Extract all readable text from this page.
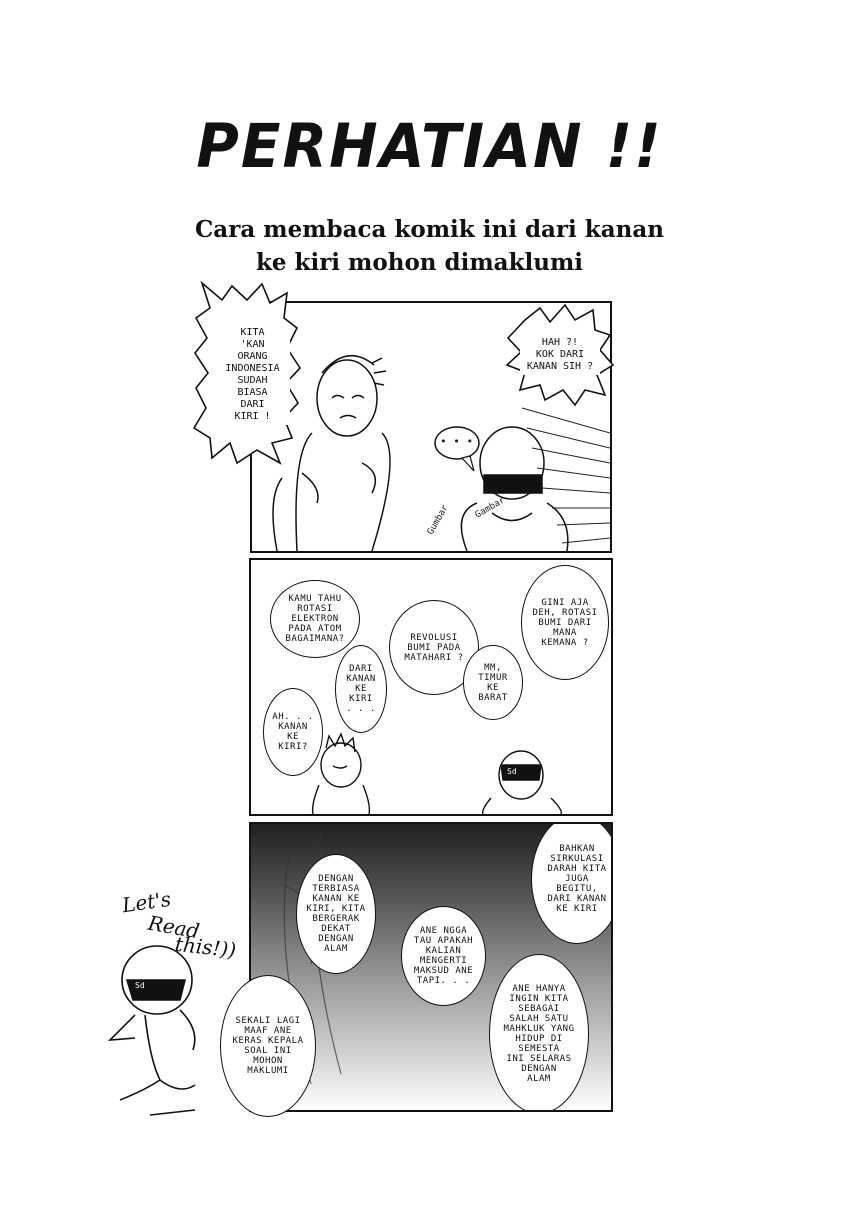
PERHATIAN !!
Cara membaca komik ini dari kanan
ke kiri mohon dimaklumi
Sd
• • •
Gumbar	Gambar
KITA
'KAN
ORANG
INDONESIA
SUDAH
BIASA
DARI
KIRI !
HAH ?!
KOK DARI
KANAN SIH ?
Sd
KAMU TAHU
ROTASI
ELEKTRON
PADA ATOM
BAGAIMANA?	REVOLUSI
BUMI PADA
MATAHARI ?
GINI AJA
DEH, ROTASI
BUMI DARI
MANA
KEMANA ?
DARI
KANAN
KE
KIRI
. . .
MM,
TIMUR
KE
BARAT
AH. . .
KANAN
KE
KIRI?
BAHKAN
SIRKULASI
DARAH KITA
JUGA
BEGITU,
DARI KANAN
KE KIRI
DENGAN
TERBIASA
KANAN KE
KIRI, KITA
BERGERAK
DEKAT
DENGAN
ALAM
ANE NGGA
TAU APAKAH
KALIAN
MENGERTI
MAKSUD ANE
TAPI. . .
ANE HANYA
INGIN KITA
SEBAGAI
SALAH SATU
MAHKLUK YANG
HIDUP DI SEMESTA
INI SELARAS
DENGAN
ALAM
SEKALI LAGI
MAAF ANE
KERAS KEPALA
SOAL INI
MOHON
MAKLUMI
Let's
Read
this!))
Sd
